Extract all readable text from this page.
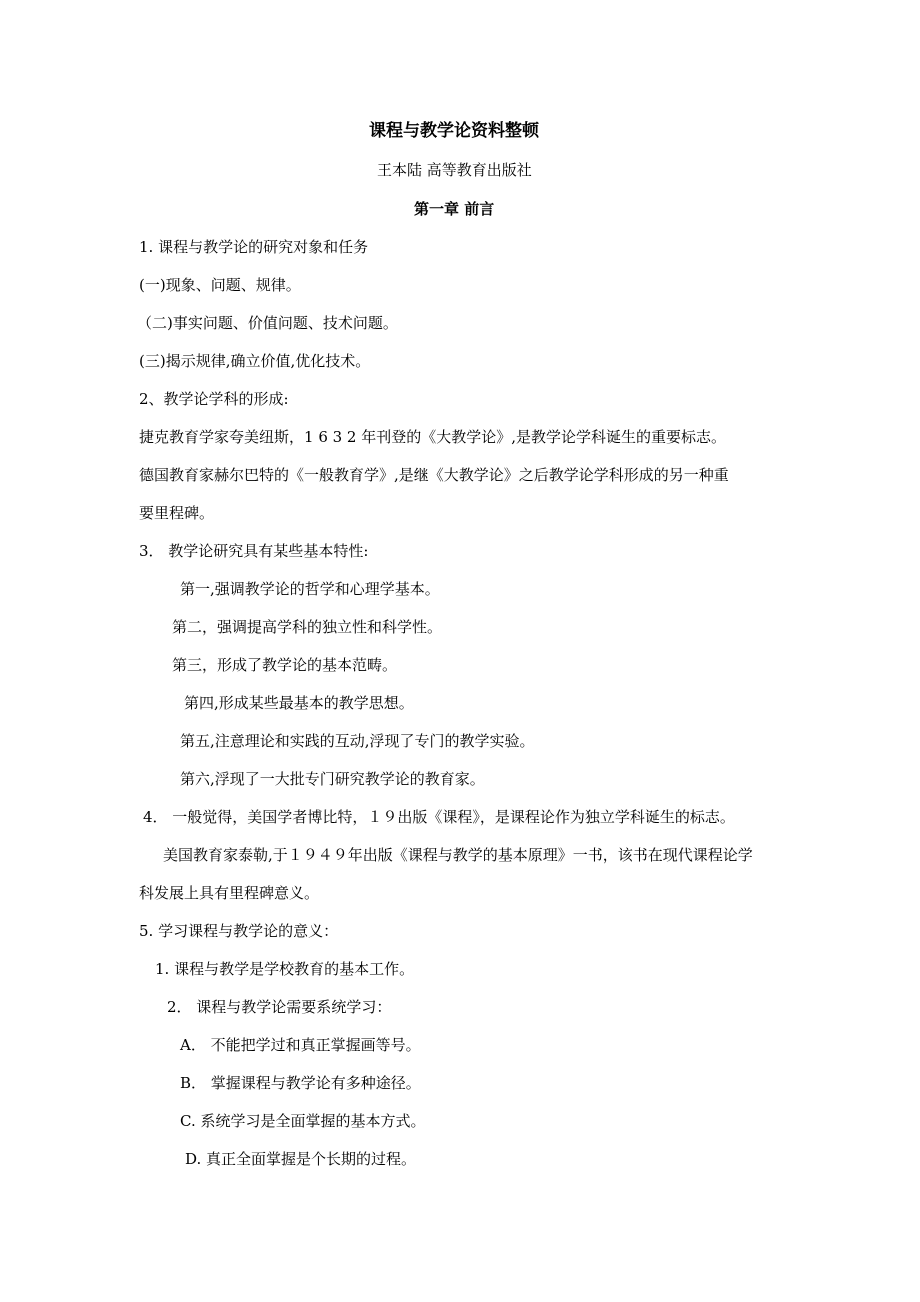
课程与教学论资料整顿
王本陆 高等教育出版社
第一章 前言
1. 课程与教学论的研究对象和任务
(一)现象、问题、规律。
（二)事实问题、价值问题、技术问题。
(三)揭示规律,确立价值,优化技术。
2、教学论学科的形成:
捷克教育学家夸美纽斯，1 6 3 2 年刊登的《大教学论》,是教学论学科诞生的重要标志。
德国教育家赫尔巴特的《一般教育学》,是继《大教学论》之后教学论学科形成的另一种重
要里程碑。
3． 教学论研究具有某些基本特性:
第一,强调教学论的哲学和心理学基本。
第二，强调提高学科的独立性和科学性。
第三，形成了教学论的基本范畴。
第四,形成某些最基本的教学思想。
第五,注意理论和实践的互动,浮现了专门的教学实验。
第六,浮现了一大批专门研究教学论的教育家。
4． 一般觉得，美国学者博比特，１９出版《课程》，是课程论作为独立学科诞生的标志。
美国教育家泰勒,于１９４９年出版《课程与教学的基本原理》一书，该书在现代课程论学
科发展上具有里程碑意义。
5. 学习课程与教学论的意义：
1. 课程与教学是学校教育的基本工作。
2． 课程与教学论需要系统学习：
A． 不能把学过和真正掌握画等号。
B． 掌握课程与教学论有多种途径。
C. 系统学习是全面掌握的基本方式。
D. 真正全面掌握是个长期的过程。
